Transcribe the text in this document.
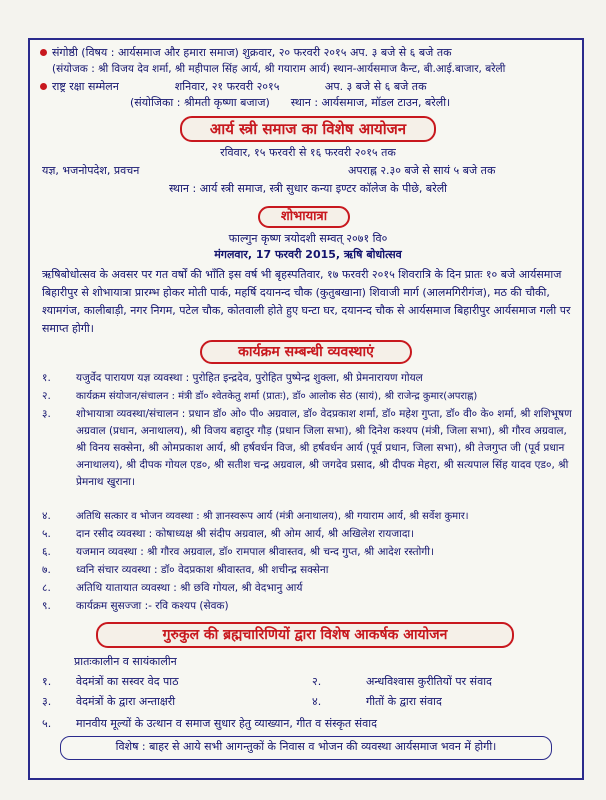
संगोष्ठी (विषय : आर्यसमाज और हमारा समाज) शुक्रवार, २० फरवरी २०१५ अप. ३ बजे से ६ बजे तक
(संयोजक : श्री विजय देव शर्मा, श्री महीपाल सिंह आर्य, श्री गयाराम आर्य) स्थान-आर्यसमाज कैन्ट, बी.आई.बाजार, बरेली
राष्ट्र रक्षा सम्मेलन                शनिवार, २१ फरवरी २०१५             अप. ३ बजे से ६ बजे तक
(संयोजिका : श्रीमती कृष्णा बजाज)      स्थान : आर्यसमाज, मॉडल टाउन, बरेली।
आर्य स्त्री समाज का विशेष आयोजन
रविवार, १५ फरवरी से १६ फरवरी २०१५ तक
यज्ञ, भजनोपदेश, प्रवचन	अपराह्न २.३० बजे से सायं ५ बजे तक
स्थान : आर्य स्त्री समाज, स्त्री सुधार कन्या इण्टर कॉलेज के पीछे, बरेली
शोभायात्रा
फाल्गुन कृष्ण त्रयोदशी सम्वत् २०७१ वि०
मंगलवार, 17 फरवरी 2015, ऋषि बोधोत्सव
ऋषिबोधोत्सव के अवसर पर गत वर्षों की भाँति इस वर्ष भी बृहस्पतिवार, १७ फरवरी २०१५ शिवरात्रि के दिन प्रातः १० बजे आर्यसमाज बिहारीपुर से शोभायात्रा प्रारम्भ होकर मोती पार्क, महर्षि दयानन्द चौक (कुतुबखाना) शिवाजी मार्ग (आलमगिरीगंज), मठ की चौकी, श्यामगंज, कालीबाड़ी, नगर निगम, पटेल चौक, कोतवाली होते हुए घन्टा घर, दयानन्द चौक से आर्यसमाज बिहारीपुर आर्यसमाज गली पर समाप्त होगी।
कार्यक्रम सम्बन्धी व्यवस्थाएं
१.	यजुर्वेद पारायण यज्ञ व्यवस्था : पुरोहित इन्द्रदेव, पुरोहित पुष्पेन्द्र शुक्ला, श्री प्रेमनारायण गोयल
२.	कार्यक्रम संयोजन/संचालन : मंत्री डॉ० श्वेतकेतु शर्मा (प्रातः), डॉ० आलोक सेठ (सायं), श्री राजेन्द्र कुमार(अपराह्न)
३.	शोभायात्रा व्यवस्था/संचालन : प्रधान डॉ० ओ० पी० अग्रवाल, डॉ० वेदप्रकाश शर्मा, डॉ० महेश गुप्ता, डॉ० वी० के० शर्मा, श्री शशिभूषण अग्रवाल (प्रधान, अनाथालय), श्री विजय बहादुर गौड़ (प्रधान जिला सभा), श्री दिनेश कश्यप (मंत्री, जिला सभा), श्री गौरव अग्रवाल, श्री विनय सक्सेना, श्री ओमप्रकाश आर्य, श्री हर्षवर्धन विज, श्री हर्षवर्धन आर्य (पूर्व प्रधान, जिला सभा), श्री तेजगुप्त जी (पूर्व प्रधान अनाथालय), श्री दीपक गोयल एड०, श्री सतीश चन्द्र अग्रवाल, श्री जगदेव प्रसाद, श्री दीपक मेहरा, श्री सत्यपाल सिंह यादव एड०, श्री प्रेमनाथ खुराना।
४.	अतिथि सत्कार व भोजन व्यवस्था : श्री ज्ञानस्वरूप आर्य (मंत्री अनाथालय), श्री गयाराम आर्य, श्री सर्वेश कुमार।
५.	दान रसीद व्यवस्था : कोषाध्यक्ष श्री संदीप अग्रवाल, श्री ओम आर्य, श्री अखिलेश रायजादा।
६.	यजमान व्यवस्था : श्री गौरव अग्रवाल, डॉ० रामपाल श्रीवास्तव, श्री चन्द गुप्त, श्री आदेश रस्तोगी।
७.	ध्वनि संचार व्यवस्था : डॉ० वेदप्रकाश श्रीवास्तव, श्री शचीन्द्र सक्सेना
८.	अतिथि यातायात व्यवस्था : श्री छवि गोयल, श्री वेदभानु आर्य
९.	कार्यक्रम सुसज्जा :- रवि कश्यप (सेवक)
गुरुकुल की ब्रह्मचारिणियों द्वारा विशेष आकर्षक आयोजन
प्रातःकालीन व सायंकालीन
१. वेदमंत्रों का सस्वर वेद पाठ	२.	अन्धविश्वास कुरीतियों पर संवाद
३. वेदमंत्रों के द्वारा अन्ताक्षरी	४.	गीतों के द्वारा संवाद
५. मानवीय मूल्यों के उत्थान व समाज सुधार हेतु व्याख्यान, गीत व संस्कृत संवाद
विशेष : बाहर से आये सभी आगन्तुकों के निवास व भोजन की व्यवस्था आर्यसमाज भवन में होगी।
